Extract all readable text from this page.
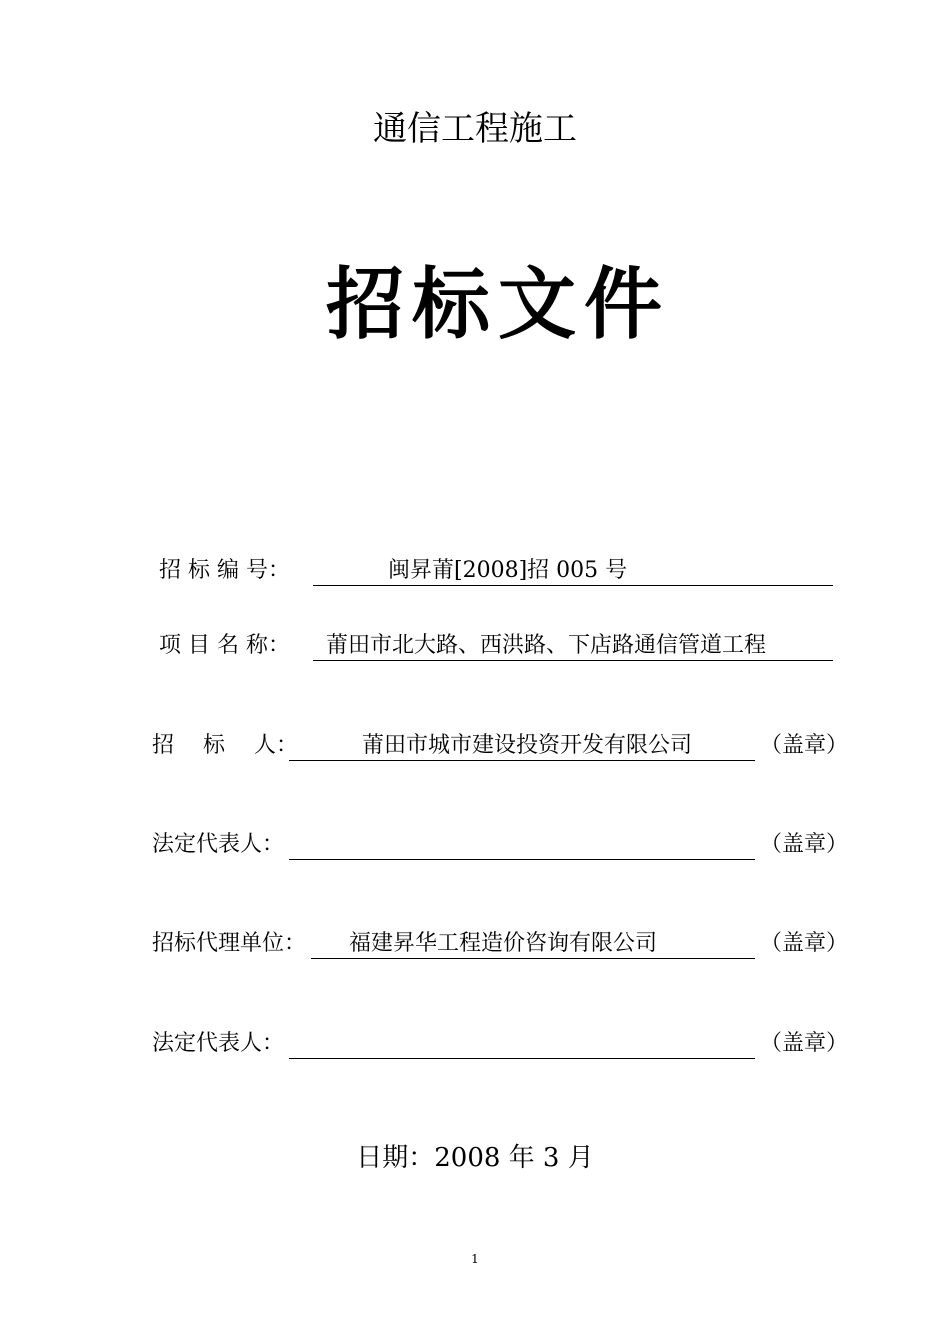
通信工程施工
招标文件
招 标 编 号：	闽昇莆[2008]招 005 号
项 目 名 称： 莆田市北大路、西洪路、下店路通信管道工程
招　 标　 人：	莆田市城市建设投资开发有限公司	（盖章）
法定代表人：	（盖章）
招标代理单位： 福建昇华工程造价咨询有限公司	（盖章）
法定代表人：	（盖章）
日期：2008 年 3 月
1
